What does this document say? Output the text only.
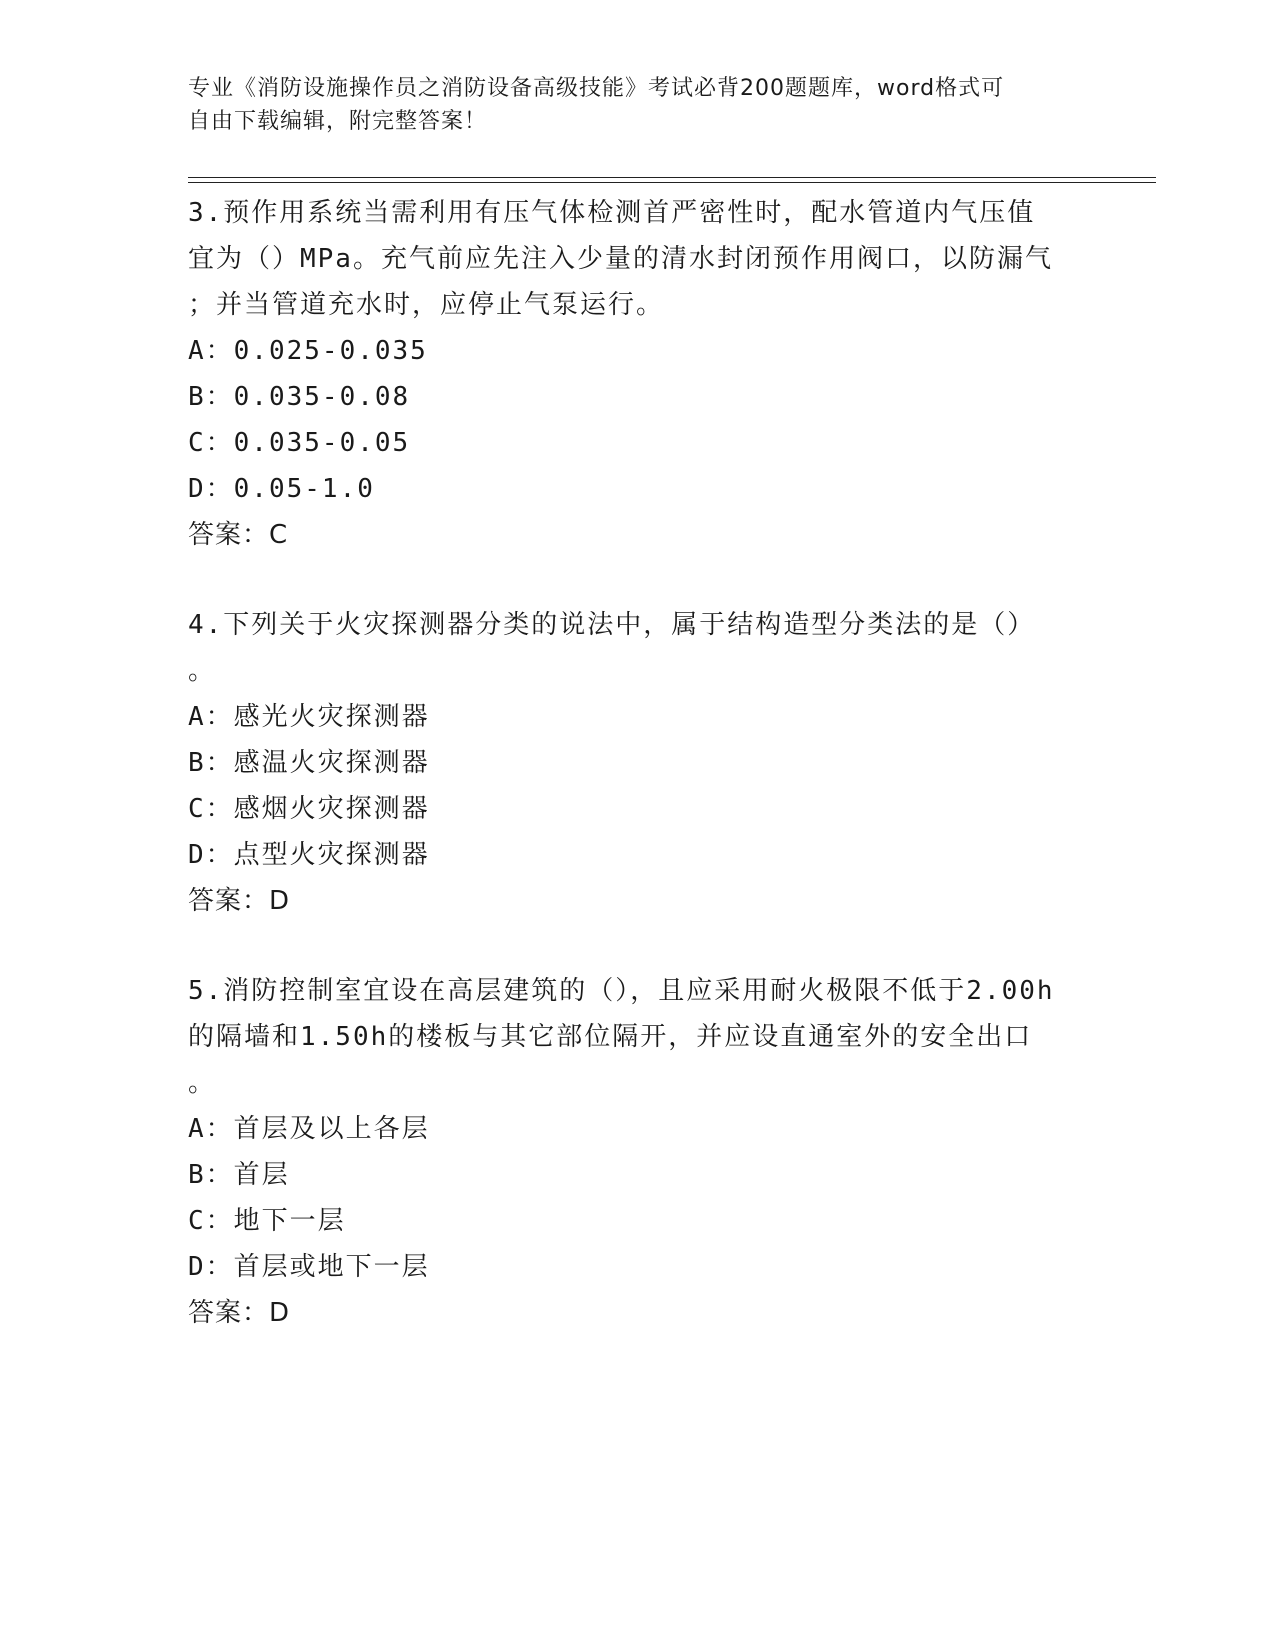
专业《消防设施操作员之消防设备高级技能》考试必背200题题库，word格式可
自由下载编辑，附完整答案！
3.预作用系统当需利用有压气体检测首严密性时，配水管道内气压值
宜为（）MPa。充气前应先注入少量的清水封闭预作用阀口，以防漏气
；并当管道充水时，应停止气泵运行。
A：0.025-0.035
B：0.035-0.08
C：0.035-0.05
D：0.05-1.0
答案：C
4.下列关于火灾探测器分类的说法中，属于结构造型分类法的是（）
。
A：感光火灾探测器
B：感温火灾探测器
C：感烟火灾探测器
D：点型火灾探测器
答案：D
5.消防控制室宜设在高层建筑的（），且应采用耐火极限不低于2.00h
的隔墙和1.50h的楼板与其它部位隔开，并应设直通室外的安全出口
。
A：首层及以上各层
B：首层
C：地下一层
D：首层或地下一层
答案：D
